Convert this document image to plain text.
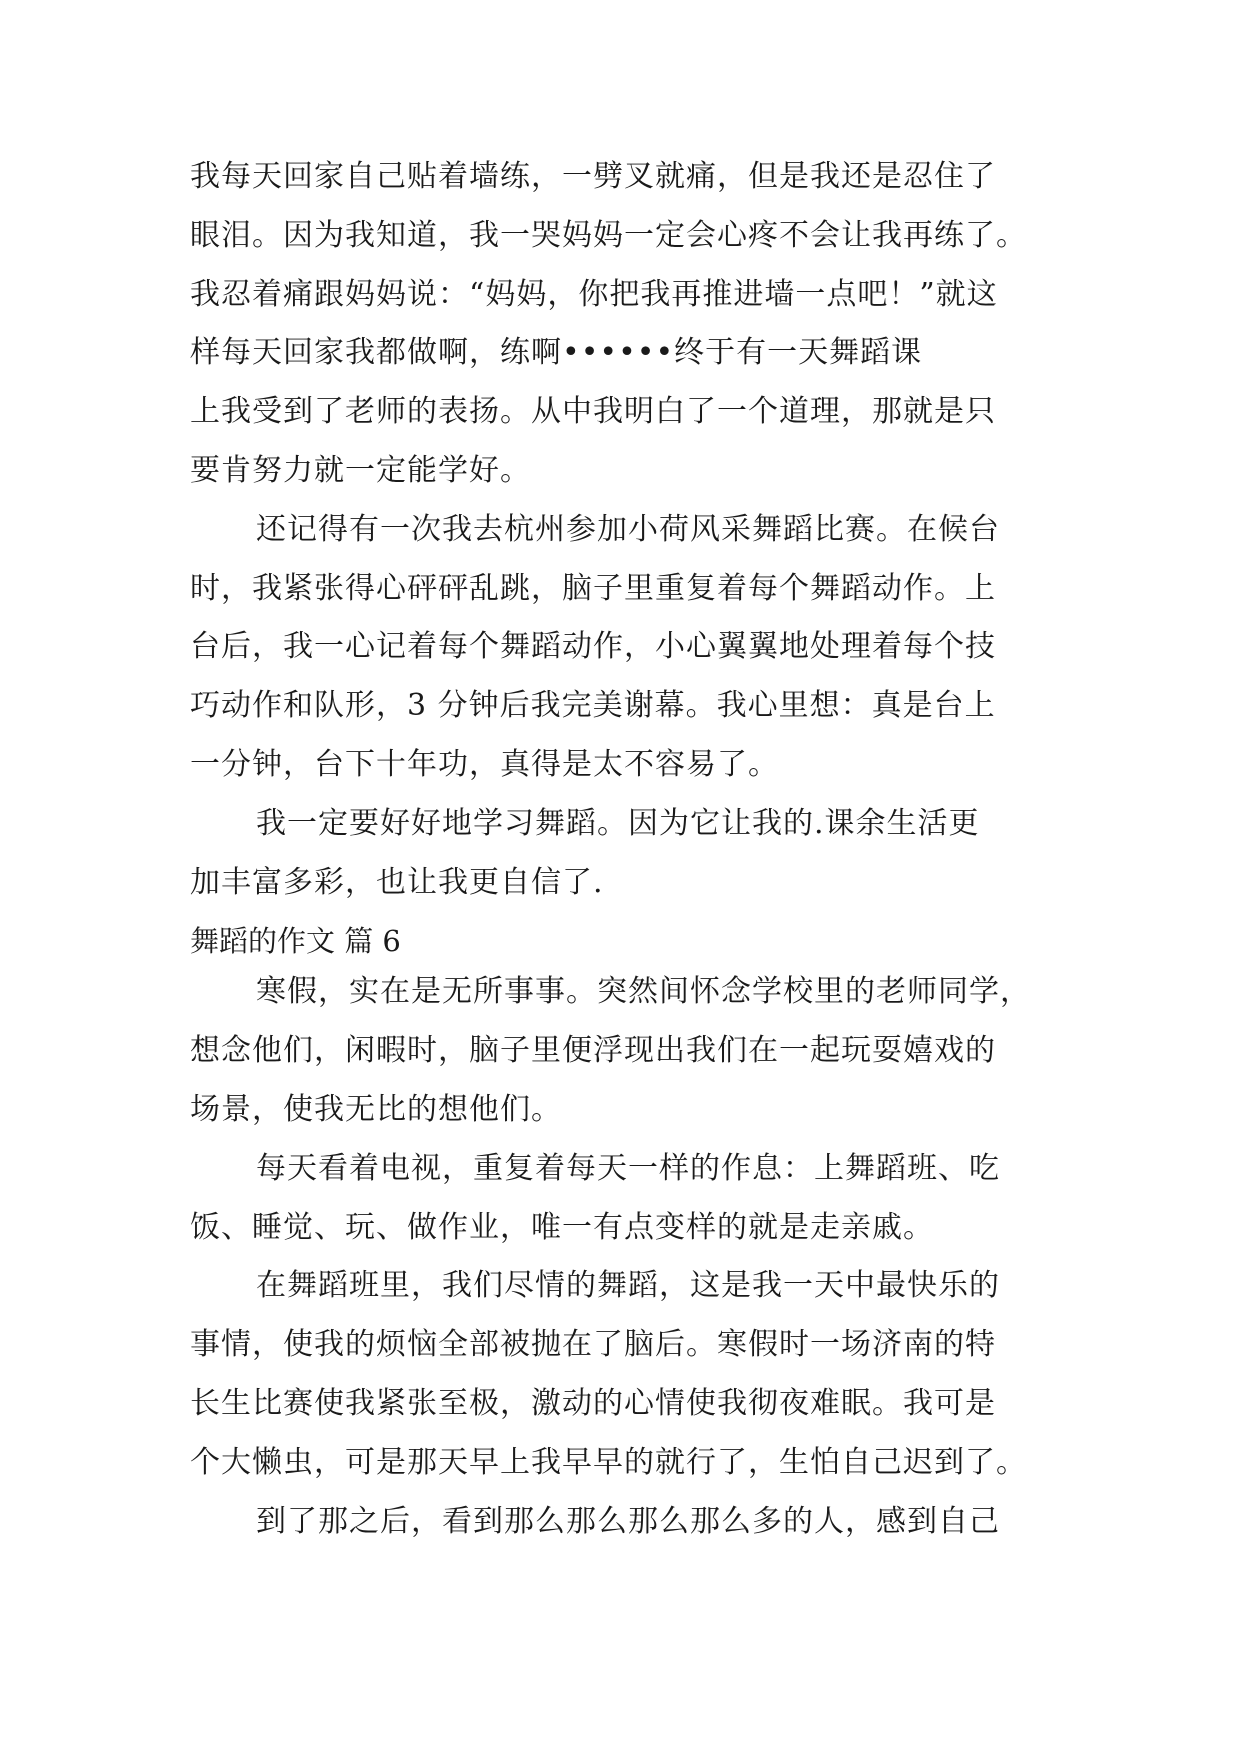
我每天回家自己贴着墙练，一劈叉就痛，但是我还是忍住了
眼泪。因为我知道，我一哭妈妈一定会心疼不会让我再练了。
我忍着痛跟妈妈说：“妈妈，你把我再推进墙一点吧！”就这
样每天回家我都做啊，练啊••••••终于有一天舞蹈课
上我受到了老师的表扬。从中我明白了一个道理，那就是只
要肯努力就一定能学好。
还记得有一次我去杭州参加小荷风采舞蹈比赛。在候台
时，我紧张得心砰砰乱跳，脑子里重复着每个舞蹈动作。上
台后，我一心记着每个舞蹈动作，小心翼翼地处理着每个技
巧动作和队形，3 分钟后我完美谢幕。我心里想：真是台上
一分钟，台下十年功，真得是太不容易了。
我一定要好好地学习舞蹈。因为它让我的.课余生活更
加丰富多彩，也让我更自信了.
舞蹈的作文 篇 6
寒假，实在是无所事事。突然间怀念学校里的老师同学，
想念他们，闲暇时，脑子里便浮现出我们在一起玩耍嬉戏的
场景，使我无比的想他们。
每天看着电视，重复着每天一样的作息：上舞蹈班、吃
饭、睡觉、玩、做作业，唯一有点变样的就是走亲戚。
在舞蹈班里，我们尽情的舞蹈，这是我一天中最快乐的
事情，使我的烦恼全部被抛在了脑后。寒假时一场济南的特
长生比赛使我紧张至极，激动的心情使我彻夜难眠。我可是
个大懒虫，可是那天早上我早早的就行了，生怕自己迟到了。
到了那之后，看到那么那么那么那么多的人，感到自己
